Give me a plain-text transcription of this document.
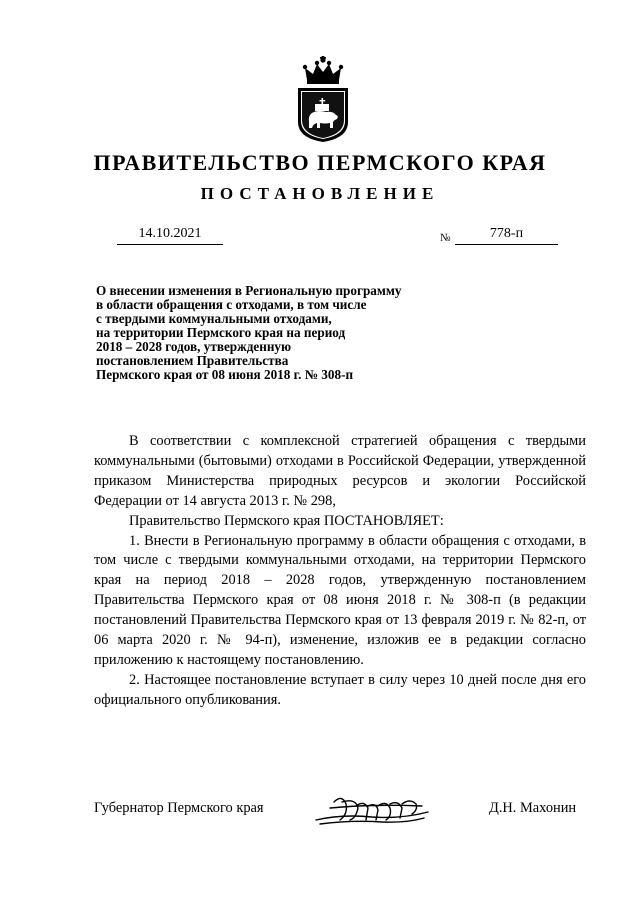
ПРАВИТЕЛЬСТВО ПЕРМСКОГО КРАЯ
ПОСТАНОВЛЕНИЕ
14.10.2021	№	778-п
О внесении изменения в Региональную программу
в области обращения с отходами, в том числе
с твердыми коммунальными отходами,
на территории Пермского края на период
2018 – 2028 годов, утвержденную
постановлением Правительства
Пермского края от 08 июня 2018 г. № 308-п

В соответствии с комплексной стратегией обращения с твердыми коммунальными (бытовыми) отходами в Российской Федерации, утвержденной приказом Министерства природных ресурсов и экологии Российской Федерации от 14 августа 2013 г. № 298,

Правительство Пермского края ПОСТАНОВЛЯЕТ:

1. Внести в Региональную программу в области обращения с отходами, в том числе с твердыми коммунальными отходами, на территории Пермского края на период 2018 – 2028 годов, утвержденную постановлением Правительства Пермского края от 08 июня 2018 г. № 308-п (в редакции постановлений Правительства Пермского края от 13 февраля 2019 г. № 82-п, от 06 марта 2020 г. № 94-п), изменение, изложив ее в редакции согласно приложению к настоящему постановлению.

2. Настоящее постановление вступает в силу через 10 дней после дня его официального опубликования.

Губернатор Пермского края	Д.Н. Махонин
